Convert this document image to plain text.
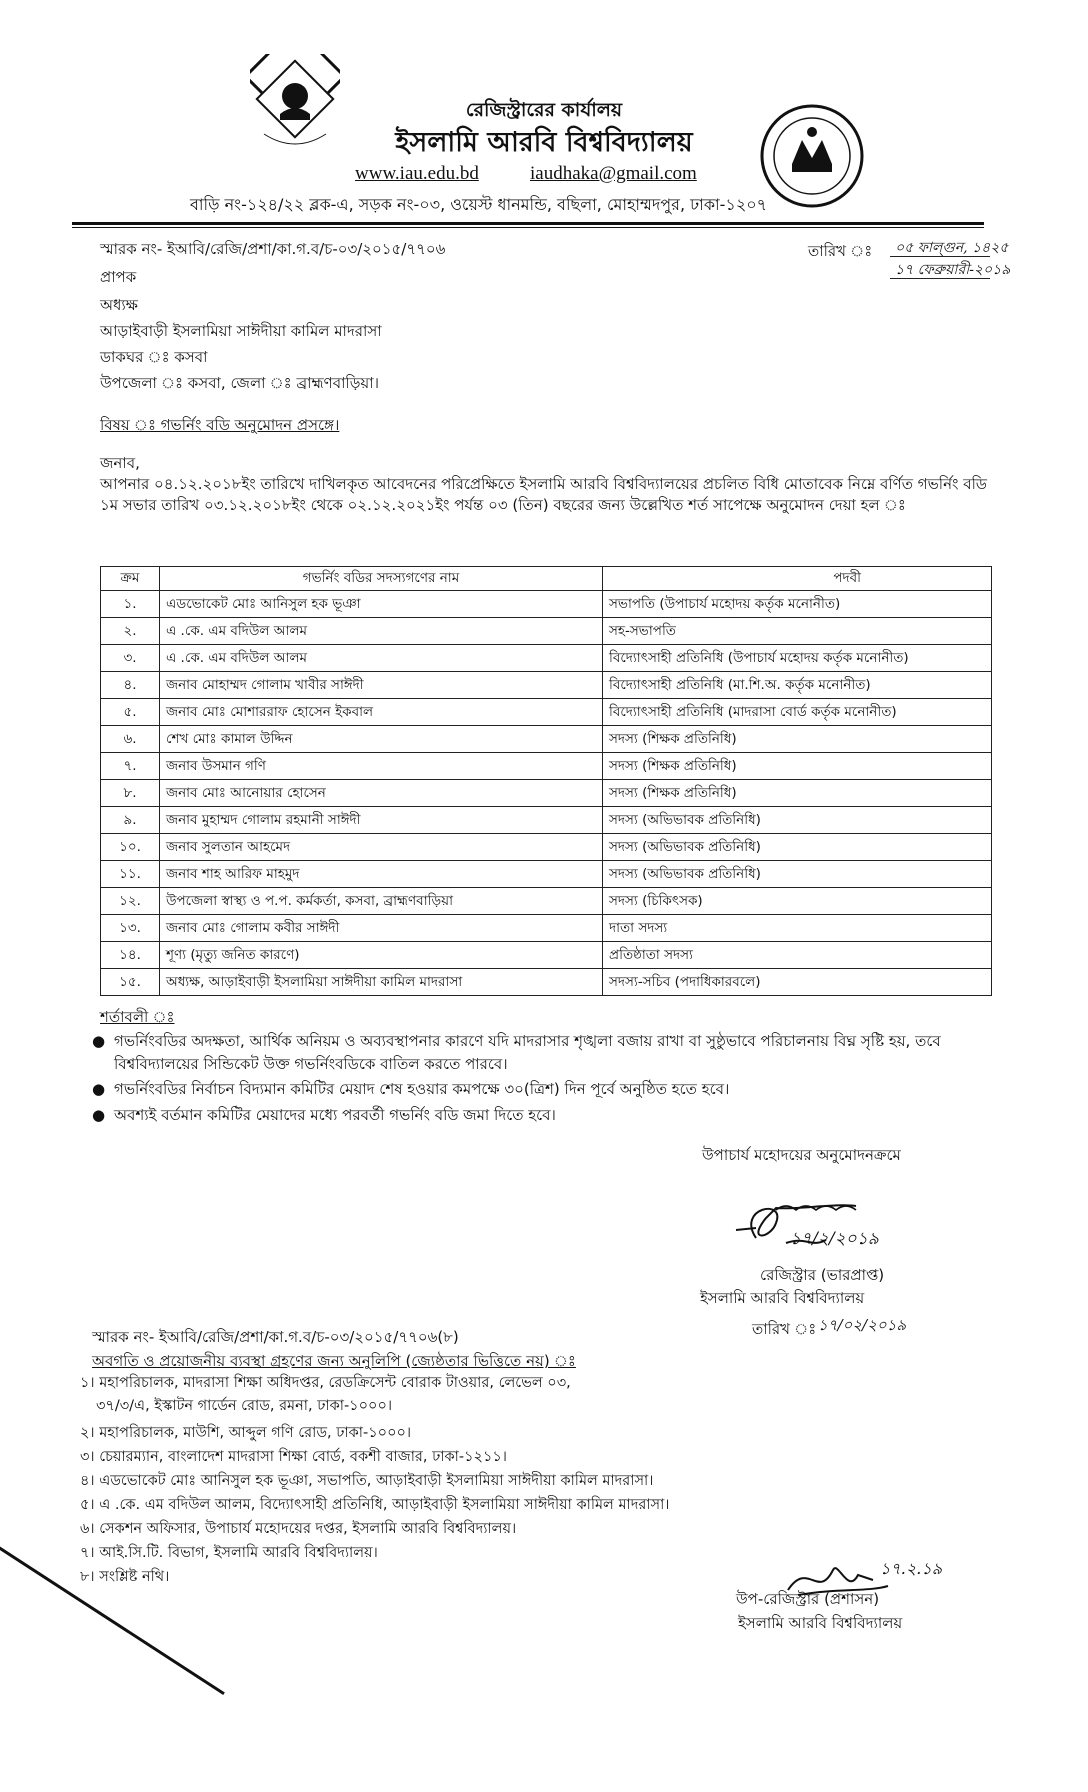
রেজিস্ট্রারের কার্যালয়
ইসলামি আরবি বিশ্ববিদ্যালয়
www.iau.edu.bd	iaudhaka@gmail.com
বাড়ি নং-১২৪/২২ ব্লক-এ, সড়ক নং-০৩, ওয়েস্ট ধানমন্ডি, বছিলা, মোহাম্মদপুর, ঢাকা-১২০৭
স্মারক নং- ইআবি/রেজি/প্রশা/কা.গ.ব/চ-০৩/২০১৫/৭৭০৬	তারিখ ঃ ০৫ ফাল্গুন, ১৪২৫
১৭ ফেব্রুয়ারী-২০১৯
প্রাপক
অধ্যক্ষ
আড়াইবাড়ী ইসলামিয়া সাঈদীয়া কামিল মাদরাসা
ডাকঘর ঃ কসবা
উপজেলা ঃ কসবা, জেলা ঃ ব্রাহ্মণবাড়িয়া।
বিষয় ঃ গভর্নিং বডি অনুমোদন প্রসঙ্গে।
জনাব,
আপনার ০৪.১২.২০১৮ইং তারিখে দাখিলকৃত আবেদনের পরিপ্রেক্ষিতে ইসলামি আরবি বিশ্ববিদ্যালয়ের প্রচলিত বিধি মোতাবেক নিম্নে বর্ণিত গভর্নিং বডি ১ম সভার তারিখ ০৩.১২.২০১৮ইং থেকে ০২.১২.২০২১ইং পর্যন্ত ০৩ (তিন) বছরের জন্য উল্লেখিত শর্ত সাপেক্ষে অনুমোদন দেয়া হল ঃ
ক্রম	গভর্নিং বডির সদস্যগণের নাম	পদবী
১.	এডভোকেট মোঃ আনিসুল হক ভূঞা	সভাপতি (উপাচার্য মহোদয় কর্তৃক মনোনীত)
২.	এ .কে. এম বদিউল আলম	সহ-সভাপতি
৩.	এ .কে. এম বদিউল আলম	বিদ্যোৎসাহী প্রতিনিধি (উপাচার্য মহোদয় কর্তৃক মনোনীত)
৪.	জনাব মোহাম্মদ গোলাম খাবীর সাঈদী	বিদ্যোৎসাহী প্রতিনিধি (মা.শি.অ. কর্তৃক মনোনীত)
৫.	জনাব মোঃ মোশাররাফ হোসেন ইকবাল	বিদ্যোৎসাহী প্রতিনিধি (মাদরাসা বোর্ড কর্তৃক মনোনীত)
৬.	শেখ মোঃ কামাল উদ্দিন	সদস্য (শিক্ষক প্রতিনিধি)
৭.	জনাব উসমান গণি	সদস্য (শিক্ষক প্রতিনিধি)
৮.	জনাব মোঃ আনোয়ার হোসেন	সদস্য (শিক্ষক প্রতিনিধি)
৯.	জনাব মুহাম্মদ গোলাম রহমানী সাঈদী	সদস্য (অভিভাবক প্রতিনিধি)
১০.	জনাব সুলতান আহমেদ	সদস্য (অভিভাবক প্রতিনিধি)
১১.	জনাব শাহ আরিফ মাহমুদ	সদস্য (অভিভাবক প্রতিনিধি)
১২.	উপজেলা স্বাস্থ্য ও প.প. কর্মকর্তা, কসবা, ব্রাহ্মণবাড়িয়া	সদস্য (চিকিৎসক)
১৩.	জনাব মোঃ গোলাম কবীর সাঈদী	দাতা সদস্য
১৪.	শূণ্য (মৃত্যু জনিত কারণে)	প্রতিষ্ঠাতা সদস্য
১৫.	অধ্যক্ষ, আড়াইবাড়ী ইসলামিয়া সাঈদীয়া কামিল মাদরাসা	সদস্য-সচিব (পদাধিকারবলে)
শর্তাবলী ঃ
● গভর্নিংবডির অদক্ষতা, আর্থিক অনিয়ম ও অব্যবস্থাপনার কারণে যদি মাদরাসার শৃঙ্খলা বজায় রাখা বা সুষ্ঠুভাবে পরিচালনায় বিঘ্ন সৃষ্টি হয়, তবে বিশ্ববিদ্যালয়ের সিন্ডিকেট উক্ত গভর্নিংবডিকে বাতিল করতে পারবে।
● গভর্নিংবডির নির্বাচন বিদ্যমান কমিটির মেয়াদ শেষ হওয়ার কমপক্ষে ৩০(ত্রিশ) দিন পূর্বে অনুষ্ঠিত হতে হবে।
● অবশ্যই বর্তমান কমিটির মেয়াদের মধ্যে পরবর্তী গভর্নিং বডি জমা দিতে হবে।
উপাচার্য মহোদয়ের অনুমোদনক্রমে
১৭/২/২০১৯
রেজিস্ট্রার (ভারপ্রাপ্ত)
ইসলামি আরবি বিশ্ববিদ্যালয়
স্মারক নং- ইআবি/রেজি/প্রশা/কা.গ.ব/চ-০৩/২০১৫/৭৭০৬(৮)	তারিখ ঃ ১৭/০২/২০১৯
অবগতি ও প্রয়োজনীয় ব্যবস্থা গ্রহণের জন্য অনুলিপি (জ্যেষ্ঠতার ভিত্তিতে নয়) ঃ
১। মহাপরিচালক, মাদরাসা শিক্ষা অধিদপ্তর, রেডক্রিসেন্ট বোরাক টাওয়ার, লেভেল ০৩,
৩৭/৩/এ, ইস্কাটন গার্ডেন রোড, রমনা, ঢাকা-১০০০।
২। মহাপরিচালক, মাউশি, আব্দুল গণি রোড, ঢাকা-১০০০।
৩। চেয়ারম্যান, বাংলাদেশ মাদরাসা শিক্ষা বোর্ড, বকশী বাজার, ঢাকা-১২১১।
৪। এডভোকেট মোঃ আনিসুল হক ভূঞা, সভাপতি, আড়াইবাড়ী ইসলামিয়া সাঈদীয়া কামিল মাদরাসা।
৫। এ .কে. এম বদিউল আলম, বিদ্যোৎসাহী প্রতিনিধি, আড়াইবাড়ী ইসলামিয়া সাঈদীয়া কামিল মাদরাসা।
৬। সেকশন অফিসার, উপাচার্য মহোদয়ের দপ্তর, ইসলামি আরবি বিশ্ববিদ্যালয়।
৭। আই.সি.টি. বিভাগ, ইসলামি আরবি বিশ্ববিদ্যালয়।
৮। সংশ্লিষ্ট নথি।	১৭.২.১৯
উপ-রেজিস্ট্রার (প্রশাসন)
ইসলামি আরবি বিশ্ববিদ্যালয়
